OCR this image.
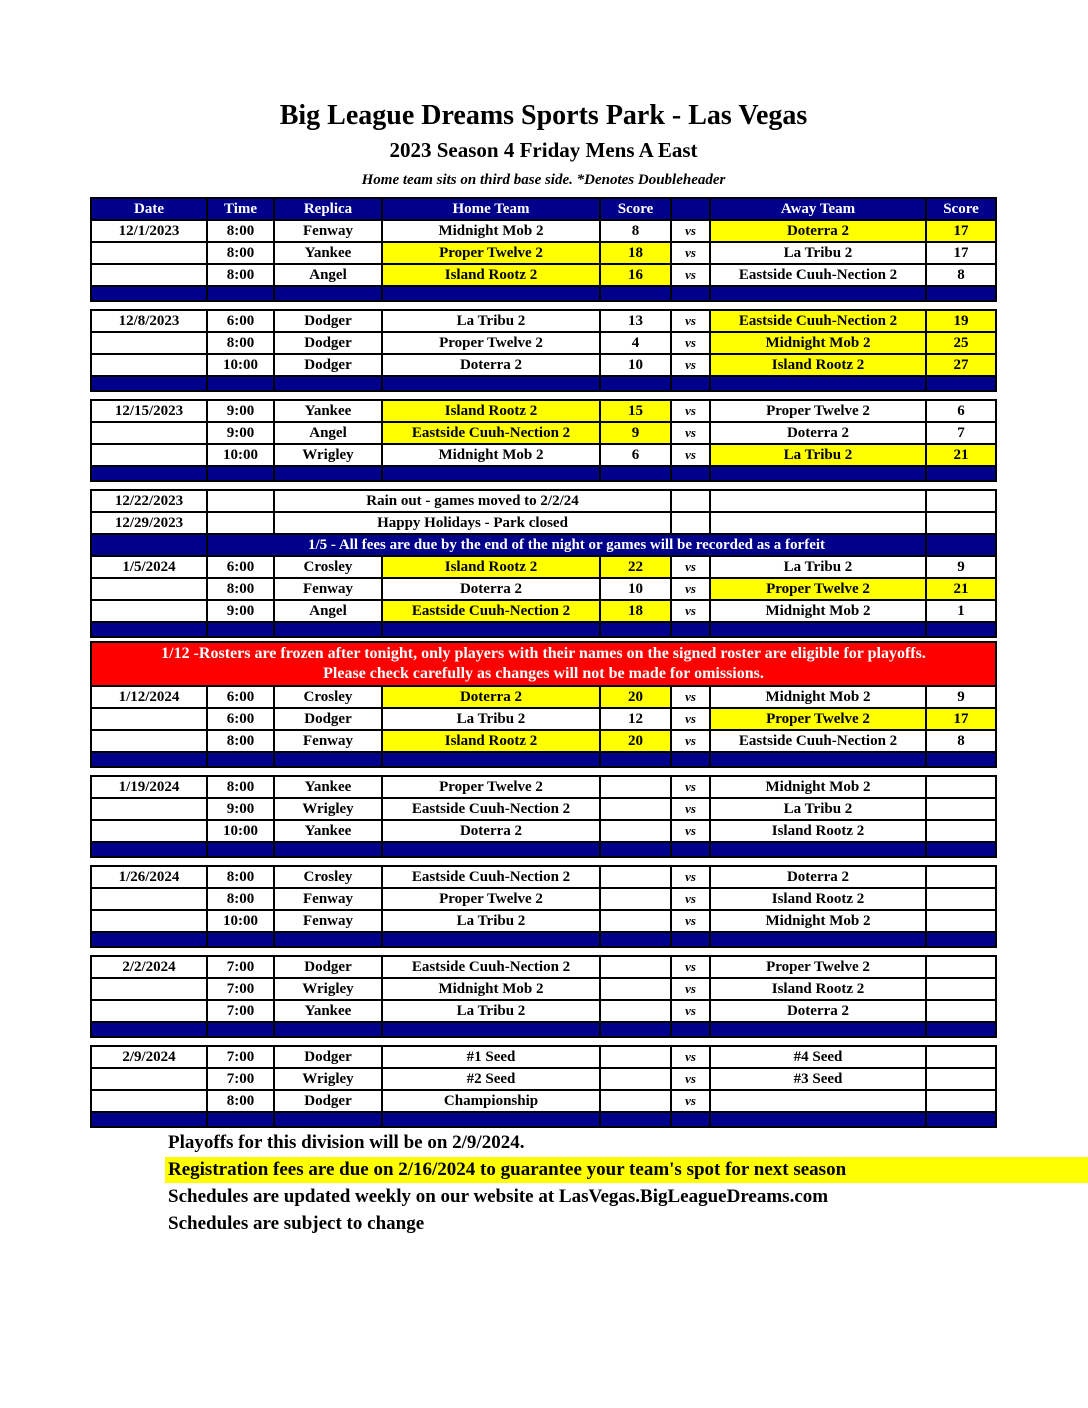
Big League Dreams Sports Park - Las Vegas
2023 Season 4 Friday Mens A East
Home team sits on third base side. *Denotes Doubleheader
Date	Time	Replica	Home Team	Score	Away Team	Score
12/1/2023	8:00	Fenway	Midnight Mob 2	8	vs	Doterra 2	17
8:00	Yankee	Proper Twelve 2	18	vs	La Tribu 2	17
8:00	Angel	Island Rootz 2	16	vs	Eastside Cuuh-Nection 2	8
12/8/2023	6:00	Dodger	La Tribu 2	13	vs	Eastside Cuuh-Nection 2	19
8:00	Dodger	Proper Twelve 2	4	vs	Midnight Mob 2	25
10:00	Dodger	Doterra 2	10	vs	Island Rootz 2	27
12/15/2023	9:00	Yankee	Island Rootz 2	15	vs	Proper Twelve 2	6
9:00	Angel	Eastside Cuuh-Nection 2	9	vs	Doterra 2	7
10:00	Wrigley	Midnight Mob 2	6	vs	La Tribu 2	21
12/22/2023	Rain out - games moved to 2/2/24
12/29/2023	Happy Holidays - Park closed
1/5 - All fees are due by the end of the night or games will be recorded as a forfeit
1/5/2024	6:00	Crosley	Island Rootz 2	22	vs	La Tribu 2	9
8:00	Fenway	Doterra 2	10	vs	Proper Twelve 2	21
9:00	Angel	Eastside Cuuh-Nection 2	18	vs	Midnight Mob 2	1
1/12 -Rosters are frozen after tonight, only players with their names on the signed roster are eligible for playoffs.
Please check carefully as changes will not be made for omissions.
1/12/2024	6:00	Crosley	Doterra 2	20	vs	Midnight Mob 2	9
6:00	Dodger	La Tribu 2	12	vs	Proper Twelve 2	17
8:00	Fenway	Island Rootz 2	20	vs	Eastside Cuuh-Nection 2	8
1/19/2024	8:00	Yankee	Proper Twelve 2	vs	Midnight Mob 2
9:00	Wrigley	Eastside Cuuh-Nection 2	vs	La Tribu 2
10:00	Yankee	Doterra 2	vs	Island Rootz 2
1/26/2024	8:00	Crosley	Eastside Cuuh-Nection 2	vs	Doterra 2
8:00	Fenway	Proper Twelve 2	vs	Island Rootz 2
10:00	Fenway	La Tribu 2	vs	Midnight Mob 2
2/2/2024	7:00	Dodger	Eastside Cuuh-Nection 2	vs	Proper Twelve 2
7:00	Wrigley	Midnight Mob 2	vs	Island Rootz 2
7:00	Yankee	La Tribu 2	vs	Doterra 2
2/9/2024	7:00	Dodger	#1 Seed	vs	#4 Seed
7:00	Wrigley	#2 Seed	vs	#3 Seed
8:00	Dodger	Championship	vs
Playoffs for this division will be on 2/9/2024.
Registration fees are due on 2/16/2024 to guarantee your team's spot for next season
Schedules are updated weekly on our website at LasVegas.BigLeagueDreams.com
Schedules are subject to change
